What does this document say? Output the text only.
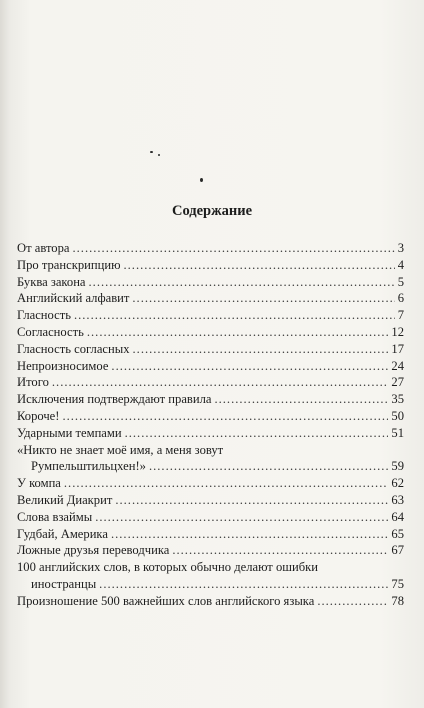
Содержание
От автора .....	3
Про транскрипцию .....	4
Буква закона .....	5
Английский алфавит .....	6
Гласность .....	7
Согласность .....	12
Гласность согласных .....	17
Непроизносимое .....	24
Итого .....	27
Исключения подтверждают правила .....	35
Короче! .....	50
Ударными темпами .....	51
«Никто не знает моё имя, а меня зовут
Румпельштильцхен!» .....	59
У компа .....	62
Великий Диакрит .....	63
Слова взаймы .....	64
Гудбай, Америка .....	65
Ложные друзья переводчика .....	67
100 английских слов, в которых обычно делают ошибки
иностранцы .....	75
Произношение 500 важнейших слов английского языка .....	78
